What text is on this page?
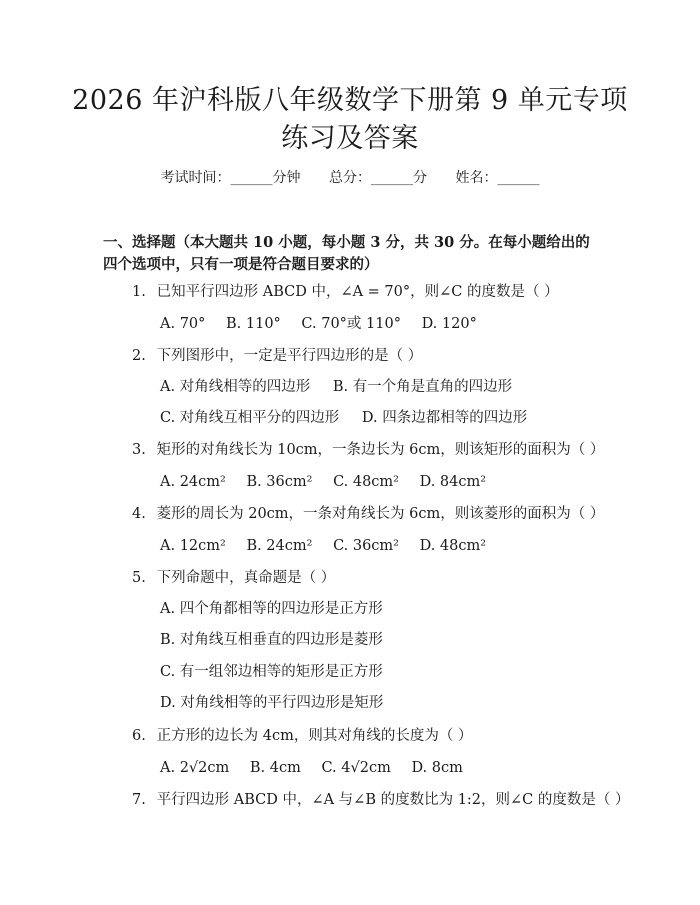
2026 年沪科版八年级数学下册第 9 单元专项练习及答案
考试时间：______分钟 总分：______分 姓名：______
一、选择题（本大题共 10 小题，每小题 3 分，共 30 分。在每小题给出的四个选项中，只有一项是符合题目要求的）
1. 已知平行四边形 ABCD 中，∠A = 70°，则∠C 的度数是（ ）
A. 70° B. 110° C. 70°或 110° D. 120°
2. 下列图形中，一定是平行四边形的是（ ）
A. 对角线相等的四边形 B. 有一个角是直角的四边形
C. 对角线互相平分的四边形 D. 四条边都相等的四边形
3. 矩形的对角线长为 10cm，一条边长为 6cm，则该矩形的面积为（ ）
A. 24cm² B. 36cm² C. 48cm² D. 84cm²
4. 菱形的周长为 20cm，一条对角线长为 6cm，则该菱形的面积为（ ）
A. 12cm² B. 24cm² C. 36cm² D. 48cm²
5. 下列命题中，真命题是（ ）
A. 四个角都相等的四边形是正方形
B. 对角线互相垂直的四边形是菱形
C. 有一组邻边相等的矩形是正方形
D. 对角线相等的平行四边形是矩形
6. 正方形的边长为 4cm，则其对角线的长度为（ ）
A. 2√2cm B. 4cm C. 4√2cm D. 8cm
7. 平行四边形 ABCD 中，∠A 与∠B 的度数比为 1:2，则∠C 的度数是（ ）
